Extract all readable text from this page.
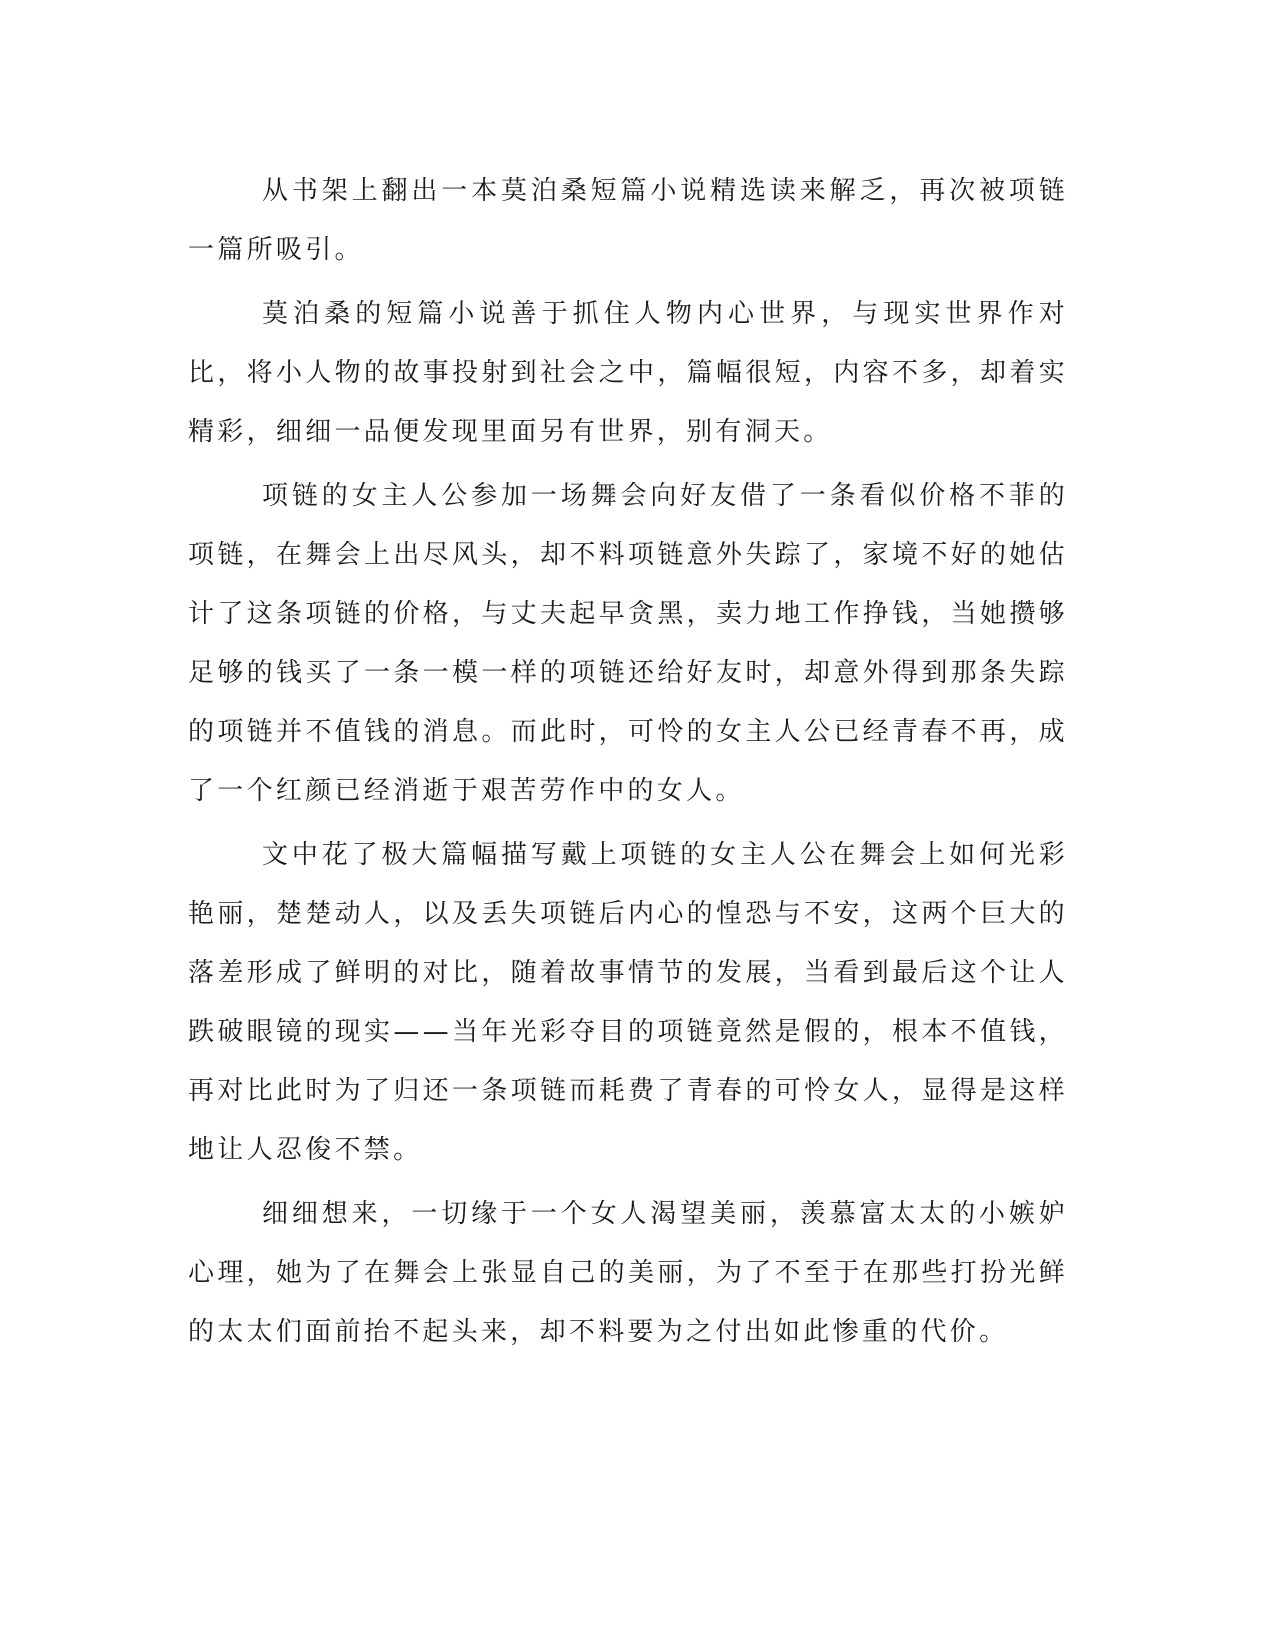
从书架上翻出一本莫泊桑短篇小说精选读来解乏，再次被项链一篇所吸引。

莫泊桑的短篇小说善于抓住人物内心世界，与现实世界作对比，将小人物的故事投射到社会之中，篇幅很短，内容不多，却着实精彩，细细一品便发现里面另有世界，别有洞天。

项链的女主人公参加一场舞会向好友借了一条看似价格不菲的项链，在舞会上出尽风头，却不料项链意外失踪了，家境不好的她估计了这条项链的价格，与丈夫起早贪黑，卖力地工作挣钱，当她攒够足够的钱买了一条一模一样的项链还给好友时，却意外得到那条失踪的项链并不值钱的消息。而此时，可怜的女主人公已经青春不再，成了一个红颜已经消逝于艰苦劳作中的女人。

文中花了极大篇幅描写戴上项链的女主人公在舞会上如何光彩艳丽，楚楚动人，以及丢失项链后内心的惶恐与不安，这两个巨大的落差形成了鲜明的对比，随着故事情节的发展，当看到最后这个让人跌破眼镜的现实——当年光彩夺目的项链竟然是假的，根本不值钱，再对比此时为了归还一条项链而耗费了青春的可怜女人，显得是这样地让人忍俊不禁。

细细想来，一切缘于一个女人渴望美丽，羡慕富太太的小嫉妒心理，她为了在舞会上张显自己的美丽，为了不至于在那些打扮光鲜的太太们面前抬不起头来，却不料要为之付出如此惨重的代价。
